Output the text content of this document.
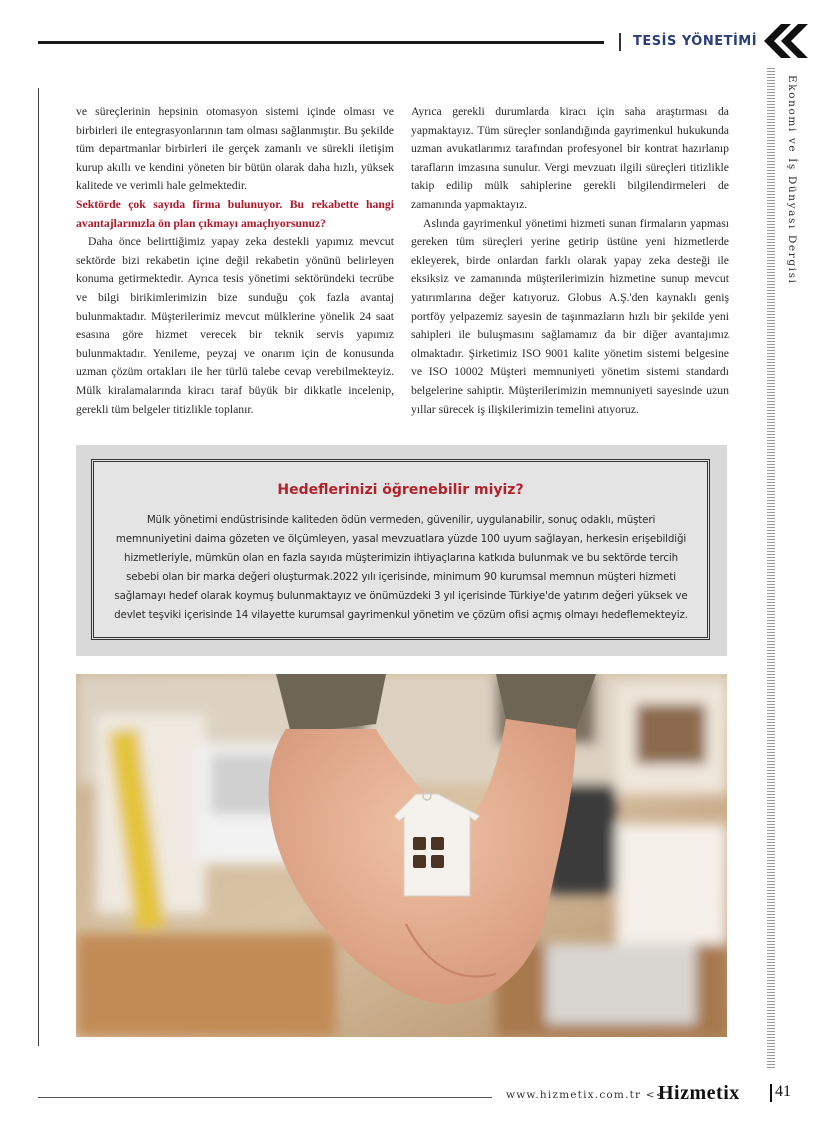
TESİS YÖNETİMİ
Ekonomi ve İş Dünyası Dergisi

ve süreçlerinin hepsinin otomasyon sistemi içinde olması ve birbirleri ile entegrasyonlarının tam olması sağlanmıştır. Bu şekilde tüm departmanlar birbirleri ile gerçek zamanlı ve sürekli iletişim kurup akıllı ve kendini yöneten bir bütün olarak daha hızlı, yüksek kalitede ve verimli hale gelmektedir.

Sektörde çok sayıda firma bulunuyor. Bu rekabette hangi avantajlarınızla ön plan çıkmayı amaçlıyorsunuz?

Daha önce belirttiğimiz yapay zeka destekli yapımız mevcut sektörde bizi rekabetin içine değil rekabetin yönünü belirleyen konuma getirmektedir. Ayrıca tesis yönetimi sektöründeki tecrübe ve bilgi birikimlerimizin bize sunduğu çok fazla avantaj bulunmaktadır. Müşterilerimiz mevcut mülklerine yönelik 24 saat esasına göre hizmet verecek bir teknik servis yapımız bulunmaktadır. Yenileme, peyzaj ve onarım için de konusunda uzman çözüm ortakları ile her türlü talebe cevap verebilmekteyiz. Mülk kiralamalarında kiracı taraf büyük bir dikkatle incelenip, gerekli tüm belgeler titizlikle toplanır.

Ayrıca gerekli durumlarda kiracı için saha araştırması da yapmaktayız. Tüm süreçler sonlandığında gayrimenkul hukukunda uzman avukatlarımız tarafından profesyonel bir kontrat hazırlanıp tarafların imzasına sunulur. Vergi mevzuatı ilgili süreçleri titizlikle takip edilip mülk sahiplerine gerekli bilgilendirmeleri de zamanında yapmaktayız.

Aslında gayrimenkul yönetimi hizmeti sunan firmaların yapması gereken tüm süreçleri yerine getirip üstüne yeni hizmetlerde ekleyerek, birde onlardan farklı olarak yapay zeka desteği ile eksiksiz ve zamanında müşterilerimizin hizmetine sunup mevcut yatırımlarına değer katıyoruz. Globus A.Ş.'den kaynaklı geniş portföy yelpazemiz sayesin de taşınmazların hızlı bir şekilde yeni sahipleri ile buluşmasını sağlamamız da bir diğer avantajımız olmaktadır. Şirketimiz ISO 9001 kalite yönetim sistemi belgesine ve ISO 10002 Müşteri memnuniyeti yönetim sistemi standardı belgelerine sahiptir. Müşterilerimizin memnuniyeti sayesinde uzun yıllar sürecek iş ilişkilerimizin temelini atıyoruz.

Hedeflerinizi öğrenebilir miyiz?
Mülk yönetimi endüstrisinde kaliteden ödün vermeden, güvenilir, uygulanabilir, sonuç odaklı, müşteri memnuniyetini daima gözeten ve ölçümleyen, yasal mevzuatlara yüzde 100 uyum sağlayan, herkesin erişebildiği hizmetleriyle, mümkün olan en fazla sayıda müşterimizin ihtiyaçlarına katkıda bulunmak ve bu sektörde tercih sebebi olan bir marka değeri oluşturmak.2022 yılı içerisinde, minimum 90 kurumsal memnun müşteri hizmeti sağlamayı hedef olarak koymuş bulunmaktayız ve önümüzdeki 3 yıl içerisinde Türkiye'de yatırım değeri yüksek ve devlet teşviki içerisinde 14 vilayette kurumsal gayrimenkul yönetim ve çözüm ofisi açmış olmayı hedeflemekteyiz.
www.hizmetix.com.tr <<
Hizmetix 41
